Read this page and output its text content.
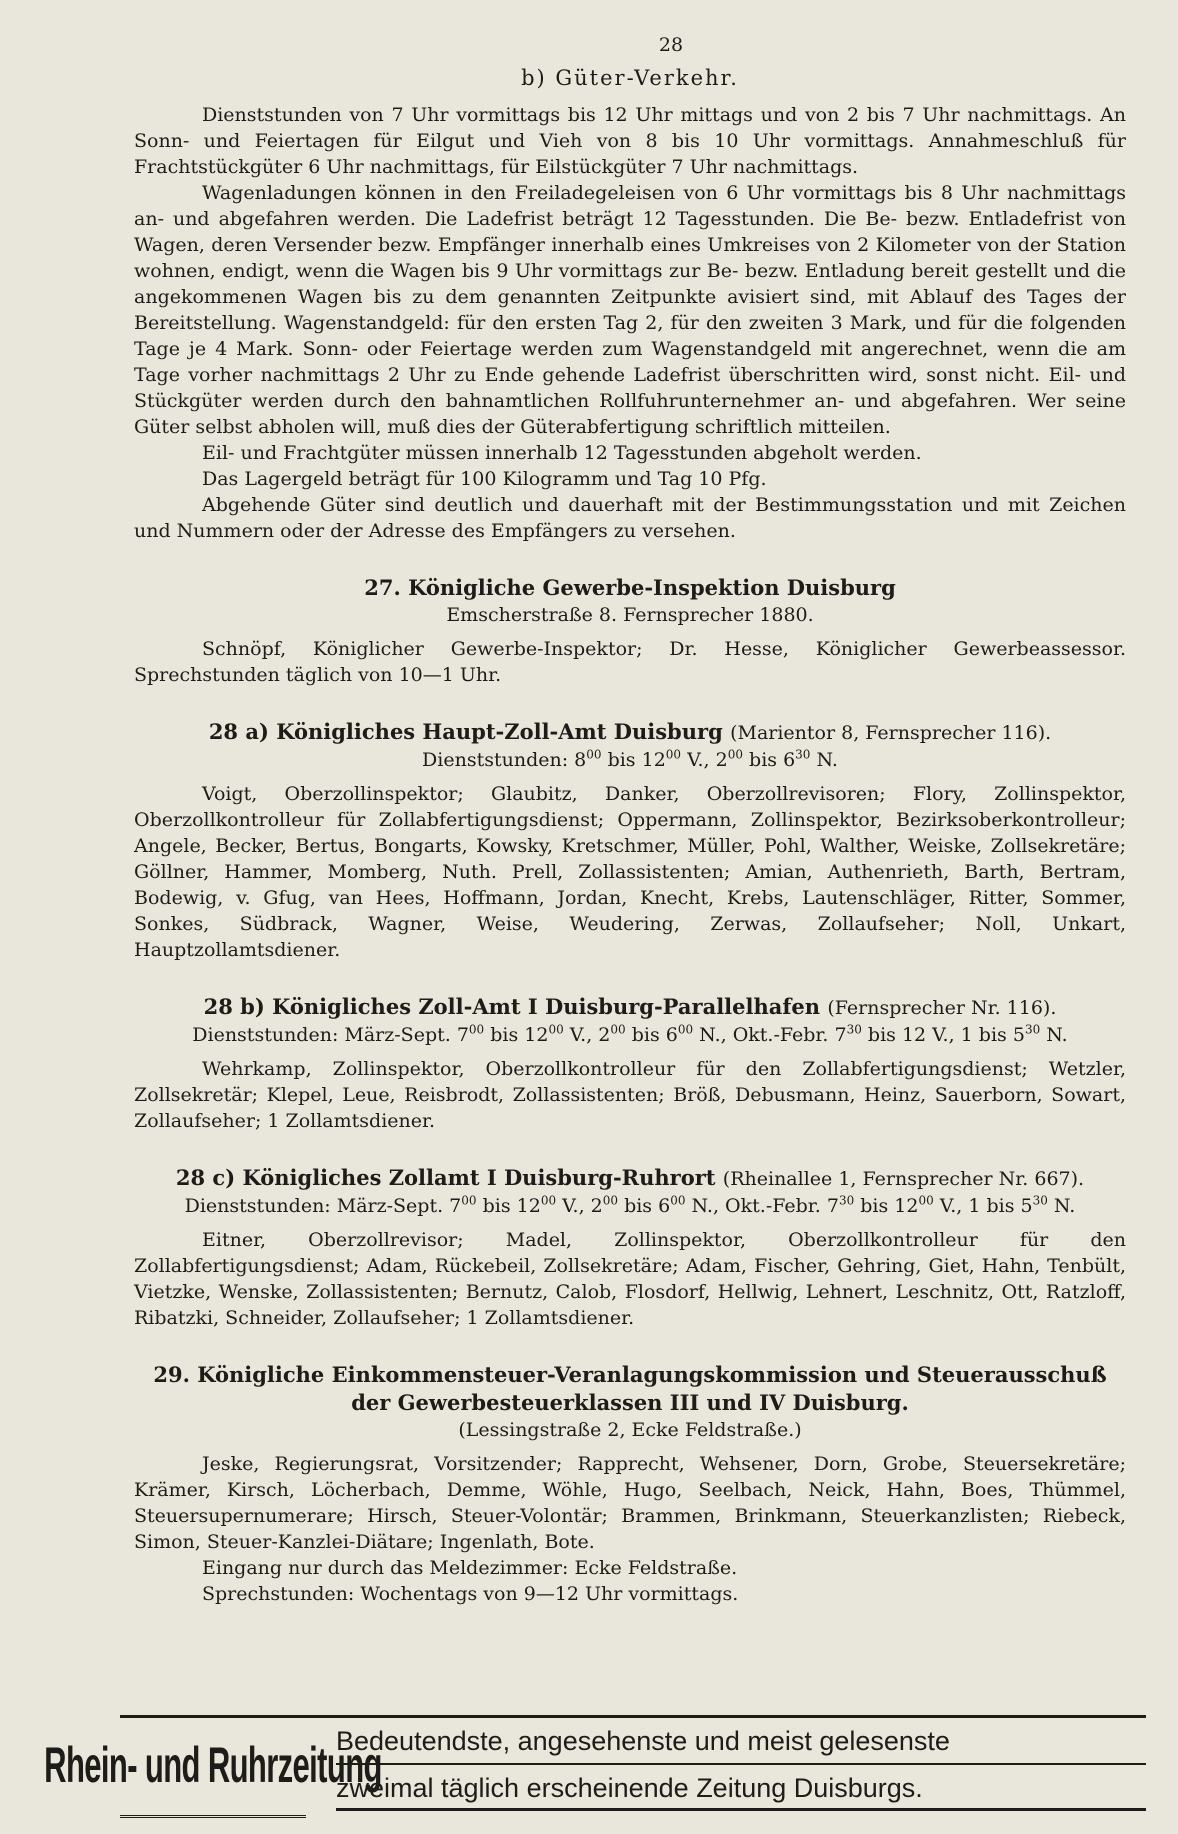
28
b) Güter-Verkehr.

Dienststunden von 7 Uhr vormittags bis 12 Uhr mittags und von 2 bis 7 Uhr nachmittags. An Sonn- und Feiertagen für Eilgut und Vieh von 8 bis 10 Uhr vormittags. Annahmeschluß für Frachtstückgüter 6 Uhr nachmittags, für Eilstückgüter 7 Uhr nachmittags.

Wagenladungen können in den Freiladegeleisen von 6 Uhr vormittags bis 8 Uhr nachmittags an- und abgefahren werden. Die Ladefrist beträgt 12 Tagesstunden. Die Be- bezw. Entladefrist von Wagen, deren Versender bezw. Empfänger innerhalb eines Umkreises von 2 Kilometer von der Station wohnen, endigt, wenn die Wagen bis 9 Uhr vormittags zur Be- bezw. Entladung bereit gestellt und die angekommenen Wagen bis zu dem genannten Zeitpunkte avisiert sind, mit Ablauf des Tages der Bereitstellung. Wagenstandgeld: für den ersten Tag 2, für den zweiten 3 Mark, und für die folgenden Tage je 4 Mark. Sonn- oder Feiertage werden zum Wagenstandgeld mit angerechnet, wenn die am Tage vorher nachmittags 2 Uhr zu Ende gehende Ladefrist überschritten wird, sonst nicht. Eil- und Stückgüter werden durch den bahnamtlichen Rollfuhrunternehmer an- und abgefahren. Wer seine Güter selbst abholen will, muß dies der Güterabfertigung schriftlich mitteilen.

Eil- und Frachtgüter müssen innerhalb 12 Tagesstunden abgeholt werden.

Das Lagergeld beträgt für 100 Kilogramm und Tag 10 Pfg.

Abgehende Güter sind deutlich und dauerhaft mit der Bestimmungsstation und mit Zeichen und Nummern oder der Adresse des Empfängers zu versehen.

27. Königliche Gewerbe-Inspektion Duisburg

Emscherstraße 8. Fernsprecher 1880.

Schnöpf, Königlicher Gewerbe-Inspektor; Dr. Hesse, Königlicher Gewerbeassessor. Sprechstunden täglich von 10—1 Uhr.

28 a) Königliches Haupt-Zoll-Amt Duisburg (Marientor 8, Fernsprecher 116).

Dienststunden: $8^{00}$ bis $12^{00}$ V., $2^{00}$ bis $6^{30}$ N.

Voigt, Oberzollinspektor; Glaubitz, Danker, Oberzollrevisoren; Flory, Zollinspektor, Oberzollkontrolleur für Zollabfertigungsdienst; Oppermann, Zollinspektor, Bezirksoberkontrolleur; Angele, Becker, Bertus, Bongarts, Kowsky, Kretschmer, Müller, Pohl, Walther, Weiske, Zollsekretäre; Göllner, Hammer, Momberg, Nuth. Prell, Zollassistenten; Amian, Authenrieth, Barth, Bertram, Bodewig, v. Gfug, van Hees, Hoffmann, Jordan, Knecht, Krebs, Lautenschläger, Ritter, Sommer, Sonkes, Südbrack, Wagner, Weise, Weudering, Zerwas, Zollaufseher; Noll, Unkart, Hauptzollamtsdiener.

28 b) Königliches Zoll-Amt I Duisburg-Parallelhafen (Fernsprecher Nr. 116).

Dienststunden: März-Sept. $7^{00}$ bis $12^{00}$ V., $2^{00}$ bis $6^{00}$ N., Okt.-Febr. $7^{30}$ bis 12 V., 1 bis $5^{30}$ N.

Wehrkamp, Zollinspektor, Oberzollkontrolleur für den Zollabfertigungsdienst; Wetzler, Zollsekretär; Klepel, Leue, Reisbrodt, Zollassistenten; Bröß, Debusmann, Heinz, Sauerborn, Sowart, Zollaufseher; 1 Zollamtsdiener.

28 c) Königliches Zollamt I Duisburg-Ruhrort (Rheinallee 1, Fernsprecher Nr. 667).

Dienststunden: März-Sept. $7^{00}$ bis $12^{00}$ V., $2^{00}$ bis $6^{00}$ N., Okt.-Febr. $7^{30}$ bis $12^{00}$ V., 1 bis $5^{30}$ N.

Eitner, Oberzollrevisor; Madel, Zollinspektor, Oberzollkontrolleur für den Zollabfertigungsdienst; Adam, Rückebeil, Zollsekretäre; Adam, Fischer, Gehring, Giet, Hahn, Tenbült, Vietzke, Wenske, Zollassistenten; Bernutz, Calob, Flosdorf, Hellwig, Lehnert, Leschnitz, Ott, Ratzloff, Ribatzki, Schneider, Zollaufseher; 1 Zollamtsdiener.

29. Königliche Einkommensteuer-Veranlagungskommission und Steuerausschuß
der Gewerbesteuerklassen III und IV Duisburg.

(Lessingstraße 2, Ecke Feldstraße.)

Jeske, Regierungsrat, Vorsitzender; Rapprecht, Wehsener, Dorn, Grobe, Steuersekretäre; Krämer, Kirsch, Löcherbach, Demme, Wöhle, Hugo, Seelbach, Neick, Hahn, Boes, Thümmel, Steuersupernumerare; Hirsch, Steuer-Volontär; Brammen, Brinkmann, Steuerkanzlisten; Riebeck, Simon, Steuer-Kanzlei-Diätare; Ingenlath, Bote.

Eingang nur durch das Meldezimmer: Ecke Feldstraße.

Sprechstunden: Wochentags von 9—12 Uhr vormittags.

Rhein- und Ruhrzeitung
Bedeutendste, angesehenste und meist gelesenste
zweimal täglich erscheinende Zeitung Duisburgs.
